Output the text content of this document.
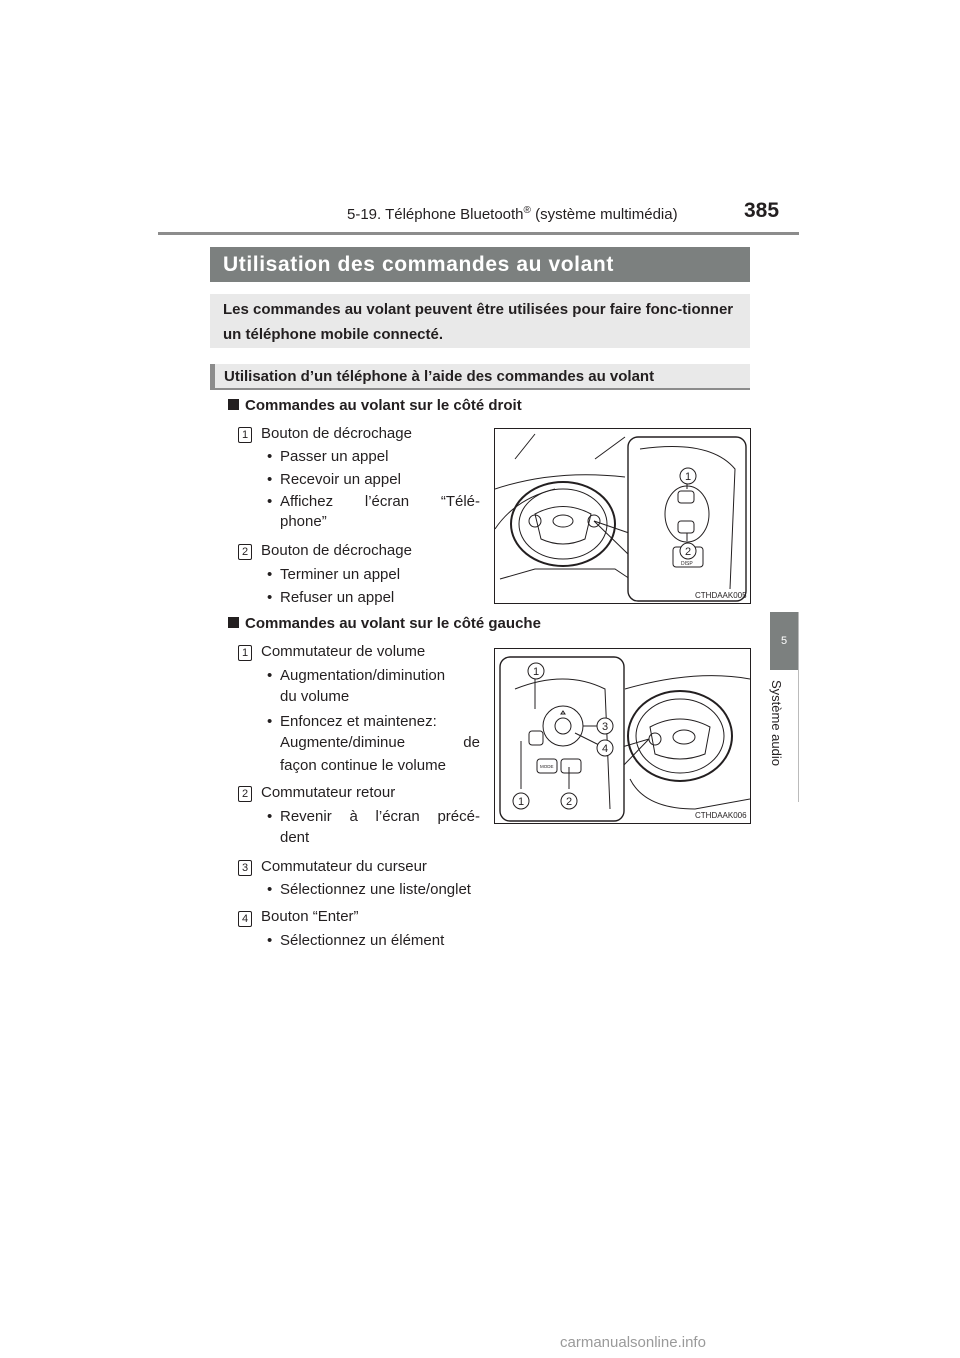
5-19. Téléphone Bluetooth® (système multimédia)	385
5
Système audio
Utilisation des commandes au volant
Les commandes au volant peuvent être utilisées pour faire fonc-tionner un téléphone mobile connecté.
Utilisation d’un téléphone à l’aide des commandes au volant
Commandes au volant sur le côté droit
1 Bouton de décrochage
• Passer un appel
• Recevoir un appel
• Affichez l’écran “Télé-
phone”
2 Bouton de décrochage
• Terminer un appel
• Refuser un appel
1
2
DISP
CTHDAAK005
Commandes au volant sur le côté gauche
1 Commutateur de volume
• Augmentation/diminution
du volume
• Enfoncez et maintenez:
Augmente/diminue de
façon continue le volume
2 Commutateur retour
• Revenir à l’écran précé-
dent
3 Commutateur du curseur
• Sélectionnez une liste/onglet
4 Bouton “Enter”
• Sélectionnez un élément
1
3
4
1	2
MODE
CTHDAAK006
carmanualsonline.info
